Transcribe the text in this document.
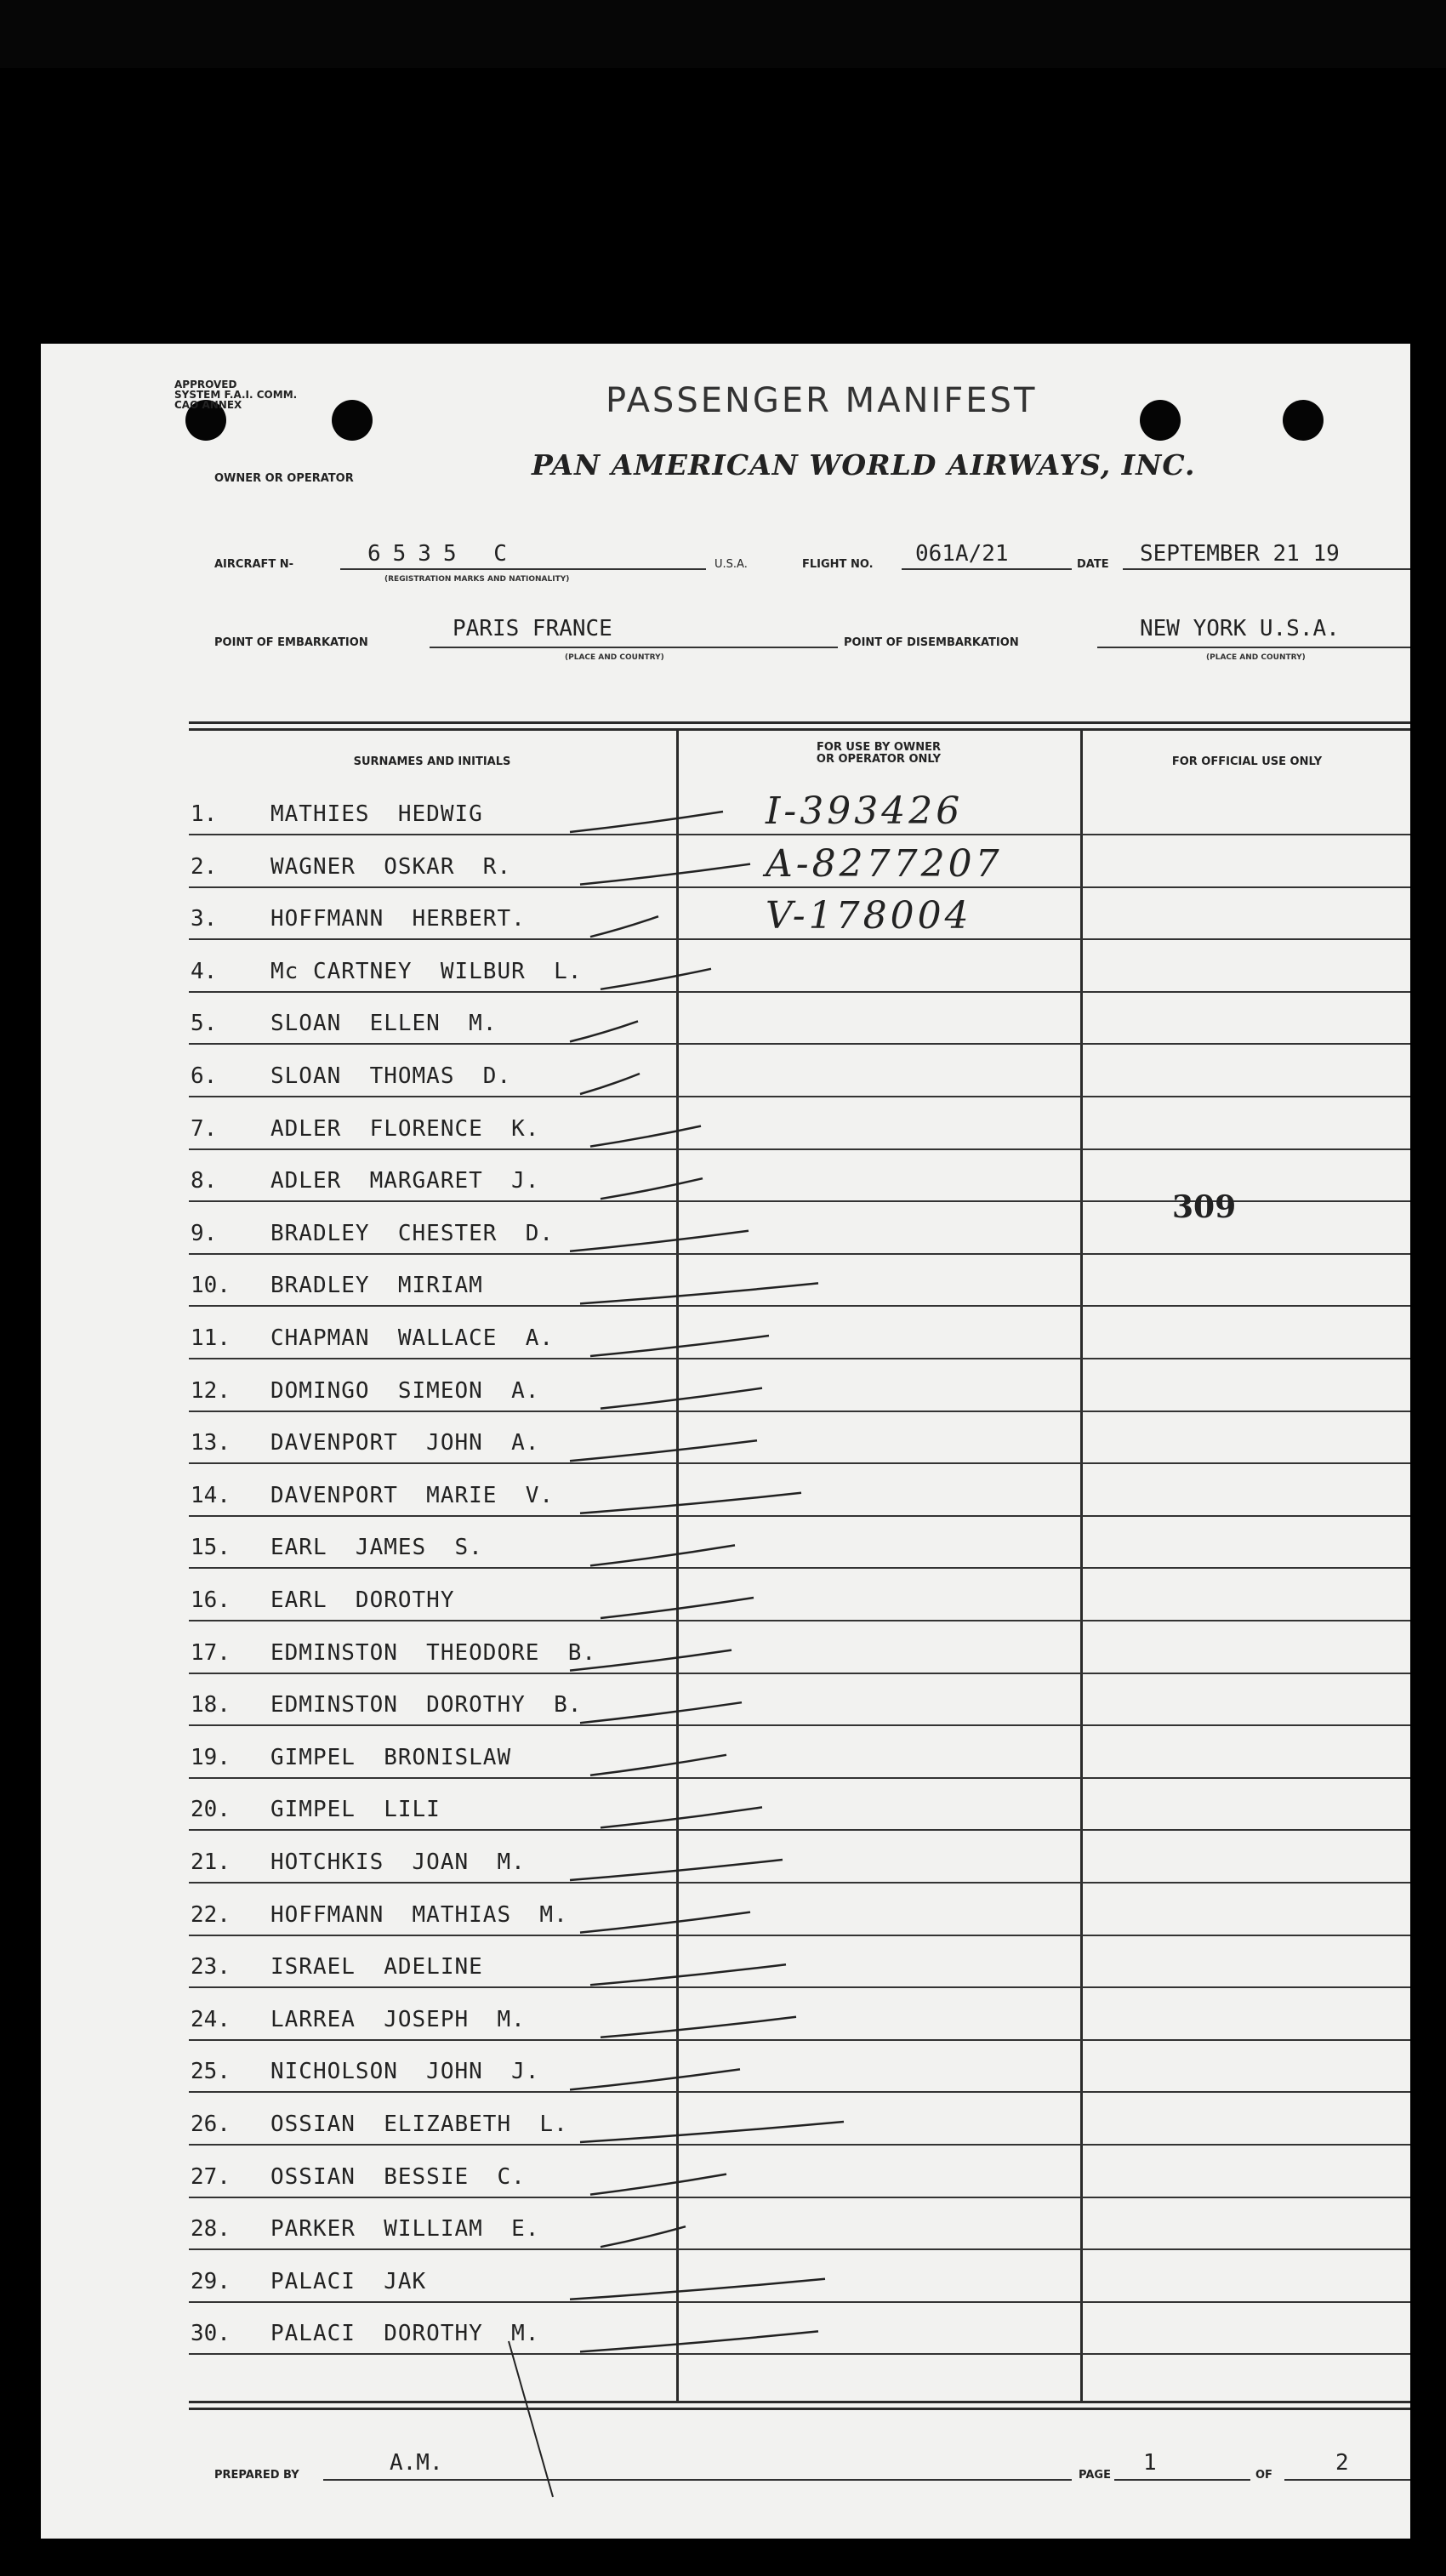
APPROVED
SYSTEM F.A.I. COMM.
CAO ANNEX	PASSENGER MANIFEST
OWNER OR OPERATOR	PAN AMERICAN WORLD AIRWAYS, INC.
AIRCRAFT N-	6535 C
(REGISTRATION MARKS AND NATIONALITY)
U.S.A.	FLIGHT NO. 061A/21	DATE SEPTEMBER 21 19
POINT OF EMBARKATION
PARIS FRANCE
(PLACE AND COUNTRY)
POINT OF DISEMBARKATION
NEW YORK U.S.A.
(PLACE AND COUNTRY)
SURNAMES AND INITIALS
FOR USE BY OWNER
OR OPERATOR ONLY	FOR OFFICIAL USE ONLY
1.	MATHIES  HEDWIG	I-393426
2.	WAGNER  OSKAR  R.	A-8277207
3.	HOFFMANN  HERBERT.	V-178004
4.	Mc CARTNEY  WILBUR  L.
5.	SLOAN  ELLEN  M.
6.	SLOAN  THOMAS  D.
7.	ADLER  FLORENCE  K.
8.	ADLER  MARGARET  J.
9.	BRADLEY  CHESTER  D.
10.	BRADLEY  MIRIAM
11.	CHAPMAN  WALLACE  A.
12.	DOMINGO  SIMEON  A.
13.	DAVENPORT  JOHN  A.
14.	DAVENPORT  MARIE  V.
15.	EARL  JAMES  S.
16.	EARL  DOROTHY
17.	EDMINSTON  THEODORE  B.
18.	EDMINSTON  DOROTHY  B.
19.	GIMPEL  BRONISLAW
20.	GIMPEL  LILI
21.	HOTCHKIS  JOAN  M.
22.	HOFFMANN  MATHIAS  M.
23.	ISRAEL  ADELINE
24.	LARREA  JOSEPH  M.
25.	NICHOLSON  JOHN  J.
26.	OSSIAN  ELIZABETH  L.
27.	OSSIAN  BESSIE  C.
28.	PARKER  WILLIAM  E.
29.	PALACI  JAK
30.	PALACI  DOROTHY  M.
309
PREPARED BY	A.M.	PAGE 1	OF	2
